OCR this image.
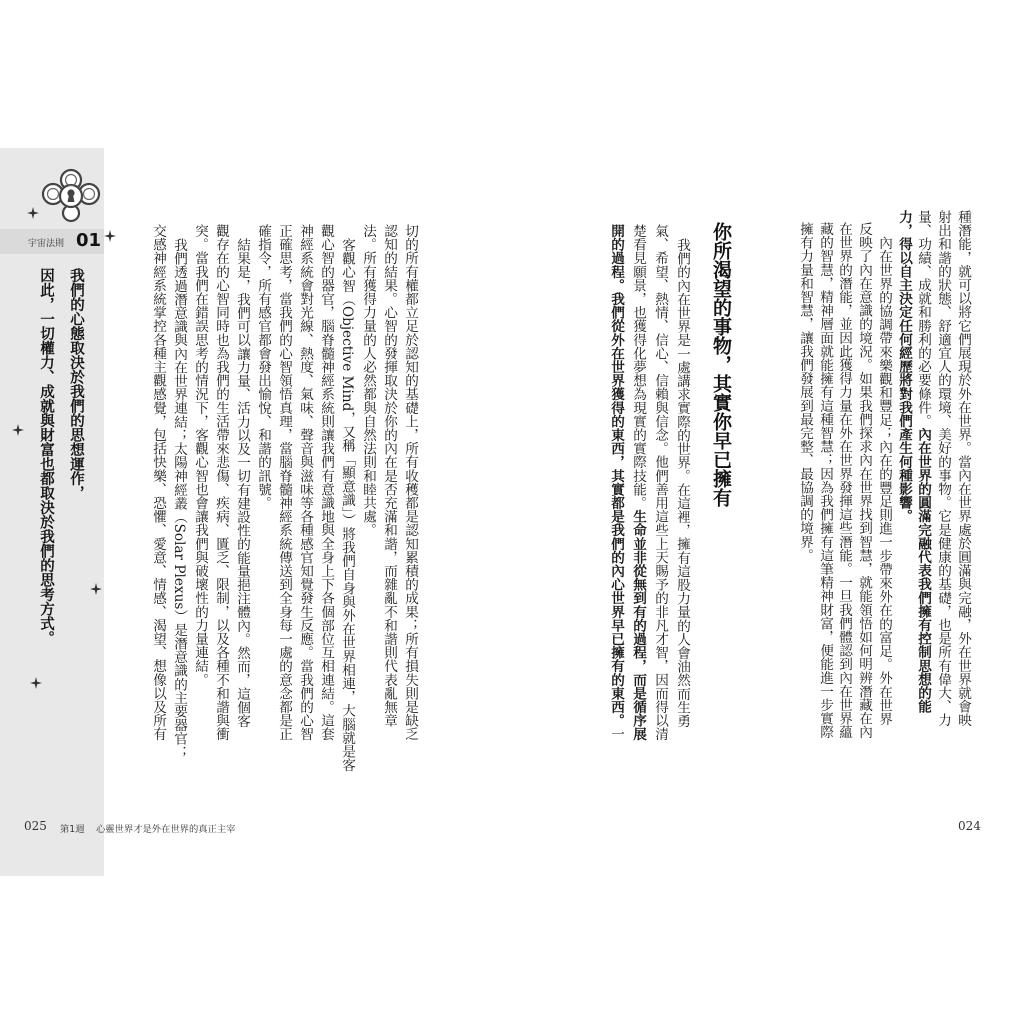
宇宙法則 01
我們的心態取決於我們的思想運作，
因此，一切權力、成就與財富也都取決於我們的思考方式。	切的所有權都立足於認知的基礎上，所有收穫都是認知累積的成果；所有損失則是缺乏
認知的結果。心智的發揮取決於你的內在是否充滿和諧，而雜亂不和諧則代表亂無章
法。所有獲得力量的人必然都與自然法則和睦共處。
客觀心智（Objective Mind，又稱「顯意識」）將我們自身與外在世界相連，大腦就是客
觀心智的器官，腦脊髓神經系統則讓我們有意識地與全身上下各個部位互相連結。這套
神經系統會對光線、熱度、氣味、聲音與滋味等各種感官知覺發生反應。當我們的心智
正確思考，當我們的心智領悟真理，當腦脊髓神經系統傳送到全身每一處的意念都是正
確指令，所有感官都會發出愉悅、和諧的訊號。
結果是，我們可以讓力量、活力以及一切有建設性的能量挹注體內。然而，這個客
觀存在的心智同時也為我們的生活帶來悲傷、疾病、匱乏、限制，以及各種不和諧與衝
突。當我們在錯誤思考的情況下，客觀心智也會讓我們與破壞性的力量連結。
我們透過潛意識與內在世界連結；太陽神經叢（Solar Plexus）是潛意識的主要器官；
交感神經系統掌控各種主觀感覺，包括快樂、恐懼、愛意、情感、渴望、想像以及所有
025 第1週 心靈世界才是外在世界的真正主宰
種潛能，就可以將它們展現於外在世界。當內在世界處於圓滿與完融，外在世界就會映
射出和諧的狀態、舒適宜人的環境、美好的事物。它是健康的基礎，也是所有偉大、力
量、功績、成就和勝利的必要條件。內在世界的圓滿完融代表我們擁有控制思想的能
力，得以自主決定任何經歷將對我們產生何種影響。
內在世界的協調帶來樂觀和豐足；內在的豐足則進一步帶來外在的富足。外在世界
反映了內在意識的境況。如果我們探求內在世界找到智慧，就能領悟如何明辨潛藏在內
在世界的潛能，並因此獲得力量在外在世界發揮這些潛能。一旦我們體認到內在世界蘊
藏的智慧，精神層面就能擁有這種智慧；因為我們擁有這筆精神財富，便能進一步實際
擁有力量和智慧，讓我們發展到最完整、最協調的境界。
你所渴望的事物，其實你早已擁有
我們的內在世界是一處講求實際的世界。在這裡，擁有這股力量的人會油然而生勇
氣、希望、熱情、信心、信賴與信念。他們善用這些上天賜予的非凡才智，因而得以清
楚看見願景，也獲得化夢想為現實的實際技能。生命並非從無到有的過程，而是循序展
開的過程。我們從外在世界獲得的東西，其實都是我們的內心世界早已擁有的東西。一
024
